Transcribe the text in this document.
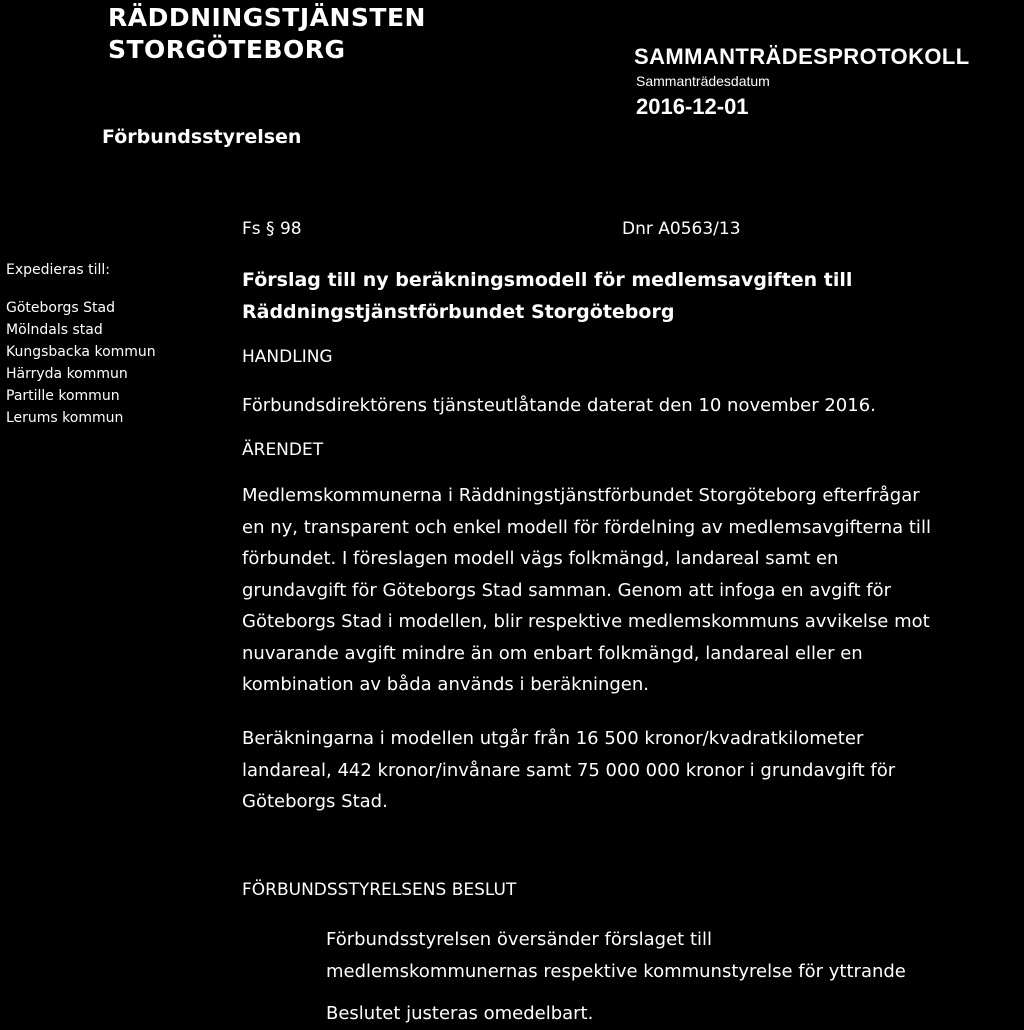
RÄDDNINGSTJÄNSTEN
STORGÖTEBORG
Förbundsstyrelsen
SAMMANTRÄDESPROTOKOLL
Sammanträdesdatum
2016-12-01
Fs § 98	Dnr A0563/13
Expedieras till:
Göteborgs Stad
Mölndals stad
Kungsbacka kommun
Härryda kommun
Partille kommun
Lerums kommun
Förslag till ny beräkningsmodell för medlemsavgiften till
Räddningstjänstförbundet Storgöteborg
HANDLING
Förbundsdirektörens tjänsteutlåtande daterat den 10 november 2016.
ÄRENDET
Medlemskommunerna i Räddningstjänstförbundet Storgöteborg efterfrågar
en ny, transparent och enkel modell för fördelning av medlemsavgifterna till
förbundet. I föreslagen modell vägs folkmängd, landareal samt en
grundavgift för Göteborgs Stad samman. Genom att infoga en avgift för
Göteborgs Stad i modellen, blir respektive medlemskommuns avvikelse mot
nuvarande avgift mindre än om enbart folkmängd, landareal eller en
kombination av båda används i beräkningen.
Beräkningarna i modellen utgår från 16 500 kronor/kvadratkilometer
landareal, 442 kronor/invånare samt 75 000 000 kronor i grundavgift för
Göteborgs Stad.
FÖRBUNDSSTYRELSENS BESLUT
Förbundsstyrelsen översänder förslaget till
medlemskommunernas respektive kommunstyrelse för yttrande
Beslutet justeras omedelbart.
